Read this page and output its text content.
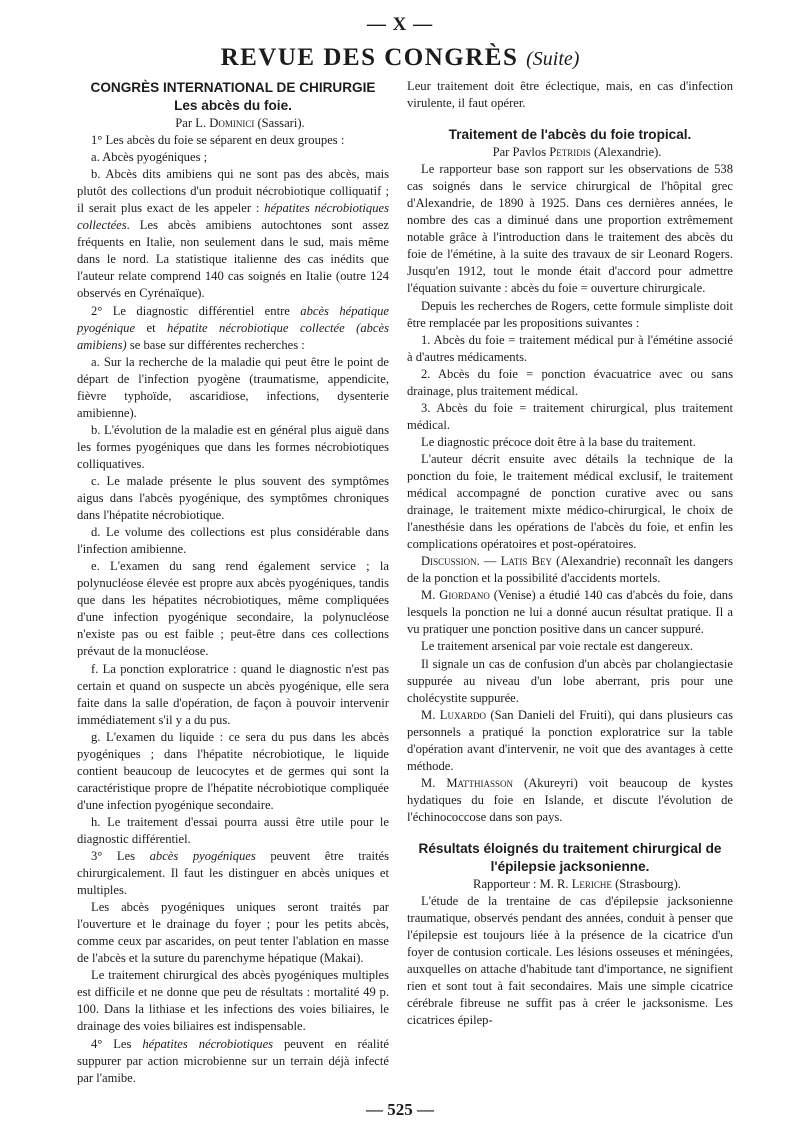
— X —
REVUE DES CONGRÈS (Suite)
CONGRÈS INTERNATIONAL DE CHIRURGIE
Les abcès du foie.

Par L. Dominici (Sassari).

1° Les abcès du foie se séparent en deux groupes :

a. Abcès pyogéniques ;

b. Abcès dits amibiens qui ne sont pas des abcès, mais plutôt des collections d'un produit nécrobiotique colliquatif ; il serait plus exact de les appeler : hépatites nécrobiotiques collectées. Les abcès amibiens autochtones sont assez fréquents en Italie, non seulement dans le sud, mais même dans le nord. La statistique italienne des cas inédits que l'auteur relate comprend 140 cas soignés en Italie (outre 124 observés en Cyrénaïque).

2° Le diagnostic différentiel entre abcès hépatique pyogénique et hépatite nécrobiotique collectée (abcès amibiens) se base sur différentes recherches :

a. Sur la recherche de la maladie qui peut être le point de départ de l'infection pyogène (traumatisme, appendicite, fièvre typhoïde, ascaridiose, infections, dysenterie amibienne).

b. L'évolution de la maladie est en général plus aiguë dans les formes pyogéniques que dans les formes nécrobiotiques colliquatives.

c. Le malade présente le plus souvent des symptômes aigus dans l'abcès pyogénique, des symptômes chroniques dans l'hépatite nécrobiotique.

d. Le volume des collections est plus considérable dans l'infection amibienne.

e. L'examen du sang rend également service ; la polynucléose élevée est propre aux abcès pyogéniques, tandis que dans les hépatites nécrobiotiques, même compliquées d'une infection pyogénique secondaire, la polynucléose n'existe pas ou est faible ; peut-être dans ces collections prévaut de la monucléose.

f. La ponction exploratrice : quand le diagnostic n'est pas certain et quand on suspecte un abcès pyogénique, elle sera faite dans la salle d'opération, de façon à pouvoir intervenir immédiatement s'il y a du pus.

g. L'examen du liquide : ce sera du pus dans les abcès pyogéniques ; dans l'hépatite nécrobiotique, le liquide contient beaucoup de leucocytes et de germes qui sont la caractéristique propre de l'hépatite nécrobiotique compliquée d'une infection pyogénique secondaire.

h. Le traitement d'essai pourra aussi être utile pour le diagnostic différentiel.

3° Les abcès pyogéniques peuvent être traités chirurgicalement. Il faut les distinguer en abcès uniques et multiples.

Les abcès pyogéniques uniques seront traités par l'ouverture et le drainage du foyer ; pour les petits abcès, comme ceux par ascarides, on peut tenter l'ablation en masse de l'abcès et la suture du parenchyme hépatique (Makai).

Le traitement chirurgical des abcès pyogéniques multiples est difficile et ne donne que peu de résultats : mortalité 49 p. 100. Dans la lithiase et les infections des voies biliaires, le drainage des voies biliaires est indispensable.

4° Les hépatites nécrobiotiques peuvent en réalité suppurer par action microbienne sur un terrain déjà infecté par l'amibe.

Leur traitement doit être éclectique, mais, en cas d'infection virulente, il faut opérer.

Traitement de l'abcès du foie tropical.

Par Pavlos Petridis (Alexandrie).

Le rapporteur base son rapport sur les observations de 538 cas soignés dans le service chirurgical de l'hôpital grec d'Alexandrie, de 1890 à 1925. Dans ces dernières années, le nombre des cas a diminué dans une proportion extrêmement notable grâce à l'introduction dans le traitement des abcès du foie de l'émétine, à la suite des travaux de sir Leonard Rogers. Jusqu'en 1912, tout le monde était d'accord pour admettre l'équation suivante : abcès du foie = ouverture chirurgicale.

Depuis les recherches de Rogers, cette formule simpliste doit être remplacée par les propositions suivantes :

1. Abcès du foie = traitement médical pur à l'émétine associé à d'autres médicaments.

2. Abcès du foie = ponction évacuatrice avec ou sans drainage, plus traitement médical.

3. Abcès du foie = traitement chirurgical, plus traitement médical.

Le diagnostic précoce doit être à la base du traitement.

L'auteur décrit ensuite avec détails la technique de la ponction du foie, le traitement médical exclusif, le traitement médical accompagné de ponction curative avec ou sans drainage, le traitement mixte médico-chirurgical, le choix de l'anesthésie dans les opérations de l'abcès du foie, et enfin les complications opératoires et post-opératoires.

Discussion. — Latis Bey (Alexandrie) reconnaît les dangers de la ponction et la possibilité d'accidents mortels.

M. Giordano (Venise) a étudié 140 cas d'abcès du foie, dans lesquels la ponction ne lui a donné aucun résultat pratique. Il a vu pratiquer une ponction positive dans un cancer suppuré.

Le traitement arsenical par voie rectale est dangereux.

Il signale un cas de confusion d'un abcès par cholangiectasie suppurée au niveau d'un lobe aberrant, pris pour une cholécystite suppurée.

M. Luxardo (San Danieli del Fruiti), qui dans plusieurs cas personnels a pratiqué la ponction exploratrice sur la table d'opération avant d'intervenir, ne voit que des avantages à cette méthode.

M. Matthiasson (Akureyri) voit beaucoup de kystes hydatiques du foie en Islande, et discute l'évolution de l'échinococcose dans son pays.

Résultats éloignés du traitement chirurgical de l'épilepsie jacksonienne.

Rapporteur : M. R. Leriche (Strasbourg).

L'étude de la trentaine de cas d'épilepsie jacksonienne traumatique, observés pendant des années, conduit à penser que l'épilepsie est toujours liée à la présence de la cicatrice d'un foyer de contusion corticale. Les lésions osseuses et méningées, auxquelles on attache d'habitude tant d'importance, ne signifient rien et sont tout à fait secondaires. Mais une simple cicatrice cérébrale fibreuse ne suffit pas à créer le jacksonisme. Les cicatrices épilep-

— 525 —
